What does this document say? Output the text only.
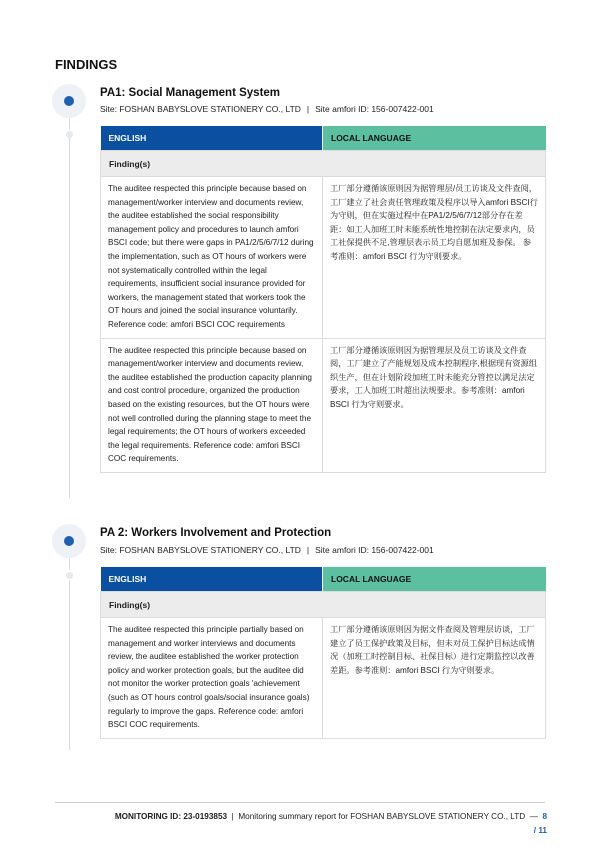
FINDINGS
PA1: Social Management System
Site: FOSHAN BABYSLOVE STATIONERY CO., LTD | Site amfori ID: 156-007422-001
ENGLISH	LOCAL LANGUAGE
Finding(s)	
The auditee respected this principle because based on management/worker interview and documents review, the auditee established the social responsibility management policy and procedures to launch amfori BSCI code; but there were gaps in PA1/2/5/6/7/12 during the implementation, such as OT hours of workers were not systematically controlled within the legal requirements, insufficient social insurance provided for workers, the management stated that workers took the OT hours and joined the social insurance voluntarily. Reference code: amfori BSCI COC requirements	工厂部分遵循该原则因为据管理层/员工访谈及文件查阅，工厂建立了社会责任管理政策及程序以导入amfori BSCI行为守则，但在实施过程中在PA1/2/5/6/7/12部分存在差距：如工人加班工时未能系统性地控制在法定要求内，员工社保提供不足,管理层表示员工均自愿加班及参保。 参考准则：amfori BSCI 行为守则要求。
The auditee respected this principle because based on management/worker interview and documents review, the auditee established the production capacity planning and cost control procedure, organized the production based on the existing resources, but the OT hours were not well controlled during the planning stage to meet the legal requirements; the OT hours of workers exceeded the legal requirements. Reference code: amfori BSCI COC requirements.	工厂部分遵循该原则因为据管理层及员工访谈及文件查阅，工厂建立了产能规划及成本控制程序,根据现有资源组织生产，但在计划阶段加班工时未能充分管控以满足法定要求，工人加班工时超出法规要求。参考准则：amfori BSCI 行为守则要求。
PA 2: Workers Involvement and Protection
Site: FOSHAN BABYSLOVE STATIONERY CO., LTD | Site amfori ID: 156-007422-001
ENGLISH	LOCAL LANGUAGE
Finding(s)	
The auditee respected this principle partially based on management and worker interviews and documents review, the auditee established the worker protection policy and worker protection goals, but the auditee did not monitor the worker protection goals 'achievement (such as OT hours control goals/social insurance goals) regularly to improve the gaps. Reference code: amfori BSCI COC requirements.	工厂部分遵循该原则因为据文件查阅及管理层访谈，工厂建立了员工保护政策及目标，但未对员工保护目标达成情况（加班工时控制目标、社保目标）进行定期监控以改善差距。参考准则：amfori BSCI 行为守则要求。
MONITORING ID: 23-0193853 | Monitoring summary report for FOSHAN BABYSLOVE STATIONERY CO., LTD — 8
/ 11
